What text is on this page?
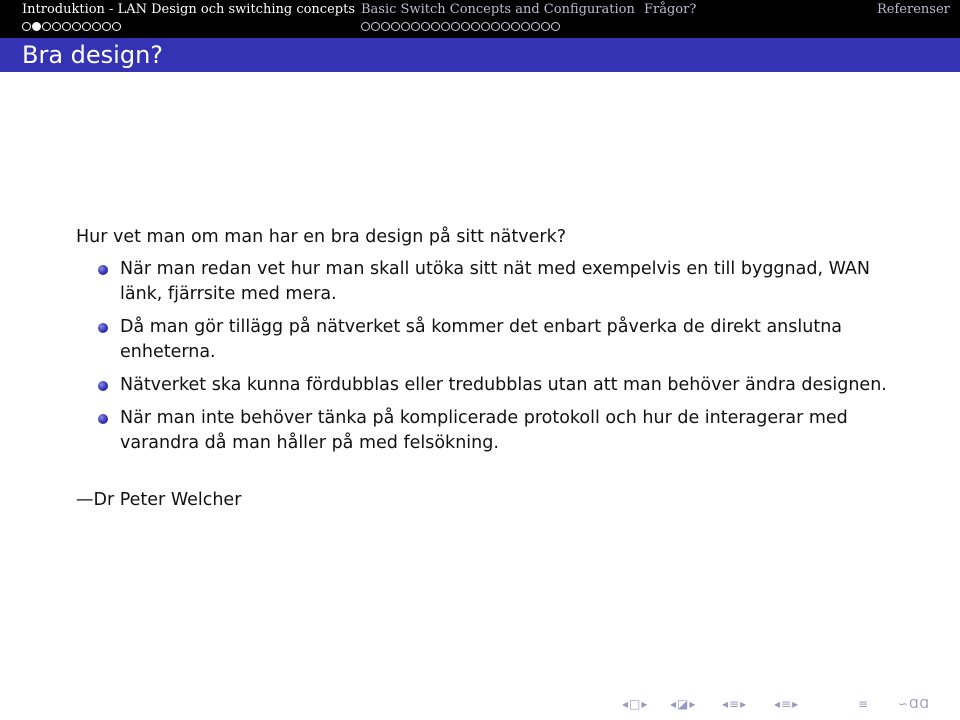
Introduktion - LAN Design och switching concepts Basic Switch Concepts and Configuration Frågor?	Referenser
Bra design?
Hur vet man om man har en bra design på sitt nätverk?
När man redan vet hur man skall utöka sitt nät med exempelvis en till byggnad, WAN länk, fjärrsite med mera.
Då man gör tillägg på nätverket så kommer det enbart påverka de direkt anslutna enheterna.
Nätverket ska kunna fördubblas eller tredubblas utan att man behöver ändra designen.
När man inte behöver tänka på komplicerade protokoll och hur de interagerar med varandra då man håller på med felsökning.
—Dr Peter Welcher
◂□▸ ◂◪▸ ◂≡▸ ◂≡▸	≡ ∽ⱭⱭ
